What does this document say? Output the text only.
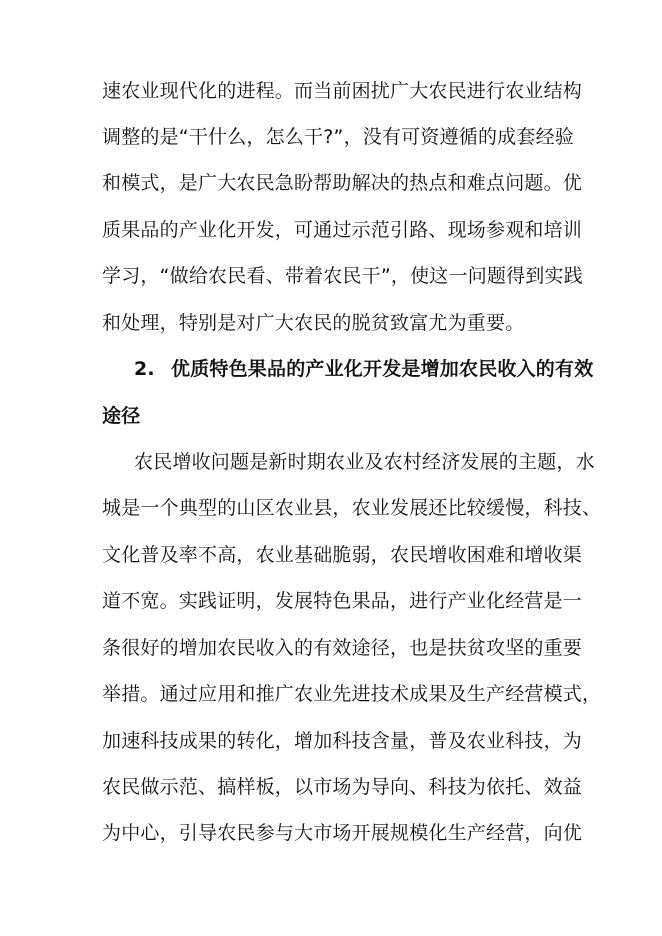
速农业现代化的进程。而当前困扰广大农民进行农业结构
调整的是“干什么，怎么干?”，没有可资遵循的成套经验
和模式，是广大农民急盼帮助解决的热点和难点问题。优
质果品的产业化开发，可通过示范引路、现场参观和培训
学习，“做给农民看、带着农民干”，使这一问题得到实践
和处理，特别是对广大农民的脱贫致富尤为重要。
2. 优质特色果品的产业化开发是增加农民收入的有效
途径
农民增收问题是新时期农业及农村经济发展的主题，水
城是一个典型的山区农业县，农业发展还比较缓慢，科技、
文化普及率不高，农业基础脆弱，农民增收困难和增收渠
道不宽。实践证明，发展特色果品，进行产业化经营是一
条很好的增加农民收入的有效途径，也是扶贫攻坚的重要
举措。通过应用和推广农业先进技术成果及生产经营模式，
加速科技成果的转化，增加科技含量，普及农业科技，为
农民做示范、搞样板，以市场为导向、科技为依托、效益
为中心，引导农民参与大市场开展规模化生产经营，向优
